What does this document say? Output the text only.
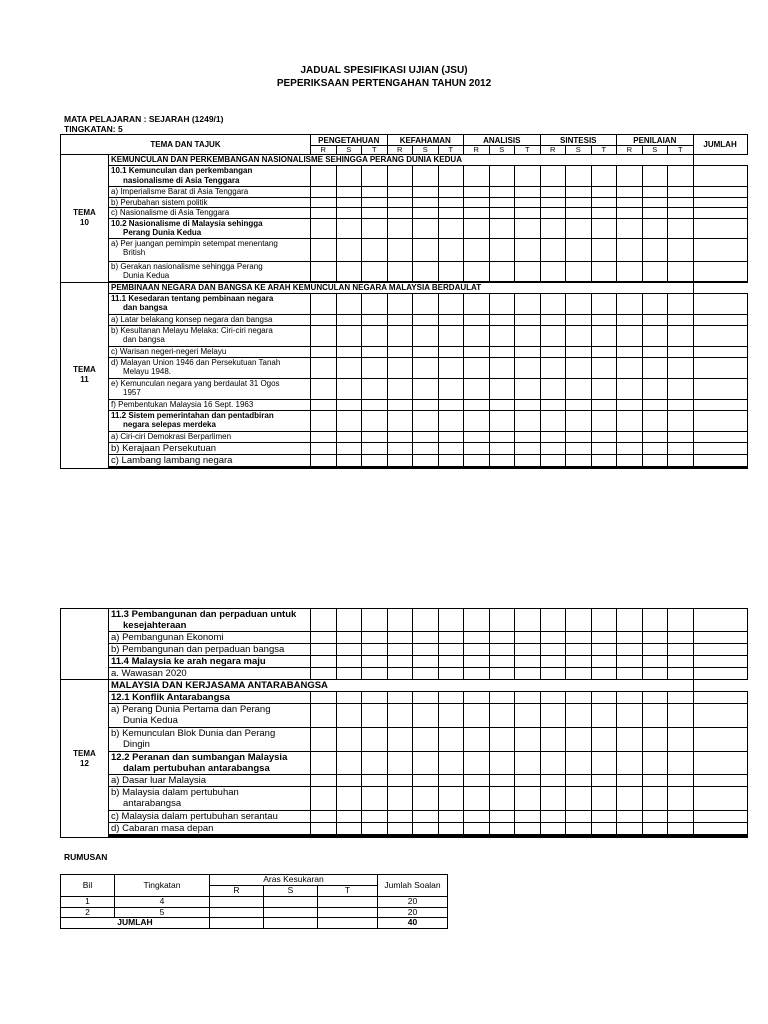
JADUAL SPESIFIKASI UJIAN (JSU)
PEPERIKSAAN PERTENGAHAN TAHUN 2012
MATA PELAJARAN : SEJARAH (1249/1)
TINGKATAN: 5
TEMA DAN TAJUK		PENGETAHUAN			KEFAHAMAN			ANALISIS			SINTESIS			PENILAIAN			JUMLAH
		R	S	T	R	S	T	R	S	T	R	S	T	R	S	T	
TEMA
10	KEMUNCULAN DAN PERKEMBANGAN NASIONALISME SEHINGGA PERANG DUNIA KEDUA																
	10.1 Kemunculan dan perkembangan
nasionalisme di Asia Tenggara																

	a) Imperialisme Barat di Asia Tenggara																
	b) Perubahan sistem politik																
	c) Nasionalisme di Asia Tenggara																
	10.2 Nasionalisme di Malaysia sehingga
Perang Dunia Kedua																

	a) Per juangan pemimpin setempat menentang
British																

	b) Gerakan nasionalisme sehingga Perang
Dunia Kedua																

TEMA
11	PEMBINAAN NEGARA DAN BANGSA KE ARAH KEMUNCULAN NEGARA MALAYSIA BERDAULAT																
	11.1 Kesedaran tentang pembinaan negara
dan bangsa																

	a) Latar belakang konsep negara dan bangsa																
	b) Kesultanan Melayu Melaka: Ciri-ciri negara
dan bangsa																

	c) Warisan negeri-negeri Melayu																
	d) Malayan Union 1946 dan Persekutuan Tanah
Melayu 1948.																

	e) Kemunculan negara yang berdaulat 31 Ogos
1957																

	f) Pembentukan Malaysia 16 Sept. 1963																
	11.2 Sistem pemerintahan dan pentadbiran
negara selepas merdeka																

	a) Ciri-ciri Demokrasi Berparlimen																
	b) Kerajaan Persekutuan																
	c) Lambang lambang negara																

	11.3 Pembangunan dan perpaduan untuk
kesejahteraan																

	a) Pembangunan Ekonomi																
	b) Pembangunan dan perpaduan bangsa																
	11.4 Malaysia ke arah negara maju																
	a. Wawasan 2020																
TEMA
12	MALAYSIA DAN KERJASAMA ANTARABANGSA																
	12.1 Konflik Antarabangsa																
	a) Perang Dunia Pertama dan Perang
Dunia Kedua																

	b) Kemunculan Blok Dunia dan Perang
Dingin																

	12.2 Peranan dan sumbangan Malaysia
dalam pertubuhan antarabangsa																

	a) Dasar luar Malaysia																
	b) Malaysia dalam pertubuhan
antarabangsa																

	c) Malaysia dalam pertubuhan serantau																
	d) Cabaran masa depan																

RUMUSAN
Bil	Tingkatan	Aras Kesukaran			Jumlah Soalan
		R	S	T	
1	4				20
2	5				20
JUMLAH					40
